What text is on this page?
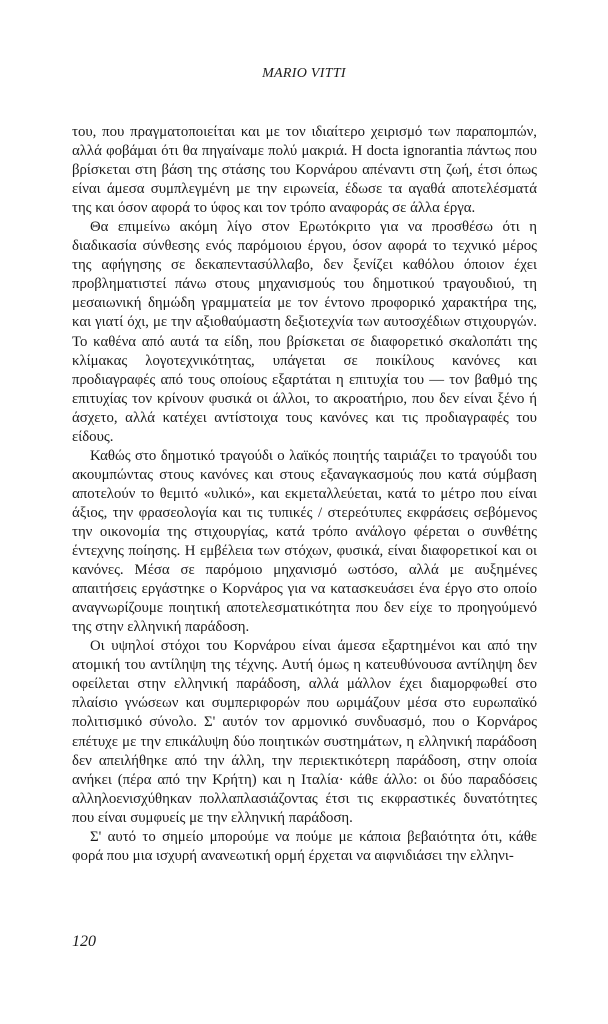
MARIO VITTI

του, που πραγματοποιείται και με τον ιδιαίτερο χειρισμό των παραπομπών, αλλά φοβάμαι ότι θα πηγαίναμε πολύ μακριά. Η docta ignorantia πάντως που βρίσκεται στη βάση της στάσης του Κορνάρου απέναντι στη ζωή, έτσι όπως είναι άμεσα συμπλεγμένη με την ειρωνεία, έδωσε τα αγαθά αποτελέσματά της και όσον αφορά το ύφος και τον τρόπο αναφοράς σε άλλα έργα.

Θα επιμείνω ακόμη λίγο στον Ερωτόκριτο για να προσθέσω ότι η διαδικασία σύνθεσης ενός παρόμοιου έργου, όσον αφορά το τεχνικό μέρος της αφήγησης σε δεκαπεντασύλλαβο, δεν ξενίζει καθόλου όποιον έχει προβληματιστεί πάνω στους μηχανισμούς του δημοτικού τραγουδιού, τη μεσαιωνική δημώδη γραμματεία με τον έντονο προφορικό χαρακτήρα της, και γιατί όχι, με την αξιοθαύμαστη δεξιοτεχνία των αυτοσχέδιων στιχουργών. Το καθένα από αυτά τα είδη, που βρίσκεται σε διαφορετικό σκαλοπάτι της κλίμακας λογοτεχνικότητας, υπάγεται σε ποικίλους κανόνες και προδιαγραφές από τους οποίους εξαρτάται η επιτυχία του — τον βαθμό της επιτυχίας τον κρίνουν φυσικά οι άλλοι, το ακροατήριο, που δεν είναι ξένο ή άσχετο, αλλά κατέχει αντίστοιχα τους κανόνες και τις προδιαγραφές του είδους.

Καθώς στο δημοτικό τραγούδι ο λαϊκός ποιητής ταιριάζει το τραγούδι του ακουμπώντας στους κανόνες και στους εξαναγκασμούς που κατά σύμβαση αποτελούν το θεμιτό «υλικό», και εκμεταλλεύεται, κατά το μέτρο που είναι άξιος, την φρασεολογία και τις τυπικές / στερεότυπες εκφράσεις σεβόμενος την οικονομία της στιχουργίας, κατά τρόπο ανάλογο φέρεται ο συνθέτης έντεχνης ποίησης. Η εμβέλεια των στόχων, φυσικά, είναι διαφορετικοί και οι κανόνες. Μέσα σε παρόμοιο μηχανισμό ωστόσο, αλλά με αυξημένες απαιτήσεις εργάστηκε ο Κορνάρος για να κατασκευάσει ένα έργο στο οποίο αναγνωρίζουμε ποιητική αποτελεσματικότητα που δεν είχε το προηγούμενό της στην ελληνική παράδοση.

Οι υψηλοί στόχοι του Κορνάρου είναι άμεσα εξαρτημένοι και από την ατομική του αντίληψη της τέχνης. Αυτή όμως η κατευθύνουσα αντίληψη δεν οφείλεται στην ελληνική παράδοση, αλλά μάλλον έχει διαμορφωθεί στο πλαίσιο γνώσεων και συμπεριφορών που ωριμάζουν μέσα στο ευρωπαϊκό πολιτισμικό σύνολο. Σ' αυτόν τον αρμονικό συνδυασμό, που ο Κορνάρος επέτυχε με την επικάλυψη δύο ποιητικών συστημάτων, η ελληνική παράδοση δεν απειλήθηκε από την άλλη, την περιεκτικότερη παράδοση, στην οποία ανήκει (πέρα από την Κρήτη) και η Ιταλία· κάθε άλλο: οι δύο παραδόσεις αλληλοενισχύθηκαν πολλαπλασιάζοντας έτσι τις εκφραστικές δυνατότητες που είναι συμφυείς με την ελληνική παράδοση.

Σ' αυτό το σημείο μπορούμε να πούμε με κάποια βεβαιότητα ότι, κάθε φορά που μια ισχυρή ανανεωτική ορμή έρχεται να αιφνιδιάσει την ελληνι-

120
